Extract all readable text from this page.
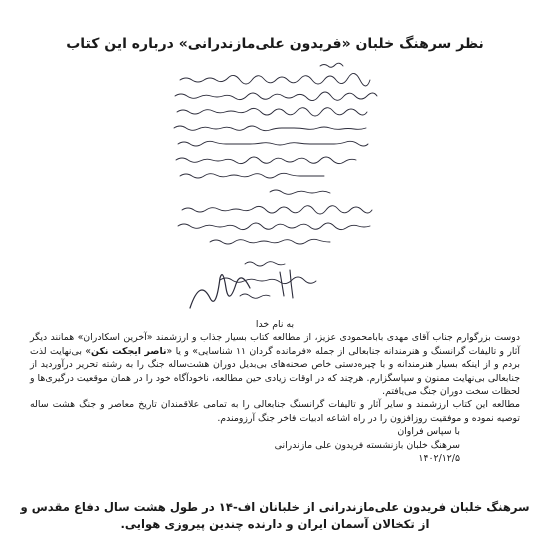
نظر سرهنگ خلبان «فریدون علی‌مازندرانی» درباره این کتاب
به نام خدا

دوست بزرگوارم جناب آقای مهدی بابامحمودی عزیز، از مطالعه کتاب بسیار جذاب و ارزشمند «آخرین اسکادران» همانند دیگر آثار و تالیفات گرانسنگ و هنرمندانه جنابعالی از جمله «فرمانده گردان ۱۱ شناسایی» و یا «ناصر ایجکت نکن» بی‌نهایت لذت بردم و از اینکه بسیار هنرمندانه و با چیره‌دستی خاص صحنه‌های بی‌بدیل دوران هشت‌ساله جنگ را به رشته تحریر درآوردید از جنابعالی بی‌نهایت ممنون و سپاسگزارم. هرچند که در اوقات زیادی حین مطالعه، ناخودآگاه خود را در همان موقعیت درگیری‌ها و لحظات سخت دوران جنگ می‌یافتم.

مطالعه این کتاب ارزشمند و سایر آثار و تالیفات گرانسنگ جنابعالی را به تمامی علاقمندان تاریخ معاصر و جنگ هشت ساله توصیه نموده و موفقیت روزافزون را در راه اشاعه ادبیات فاخر جنگ آرزومندم.

با سپاس فراوان
سرهنگ خلبان بازنشسته فریدون علی مازندرانی
۱۴۰۲/۱۲/۵
سرهنگ خلبان فریدون علی‌مازندرانی از خلبانان اف-۱۴ در طول هشت سال دفاع مقدس و از تکخالان آسمان ایران و دارنده چندین پیروزی هوایی.
